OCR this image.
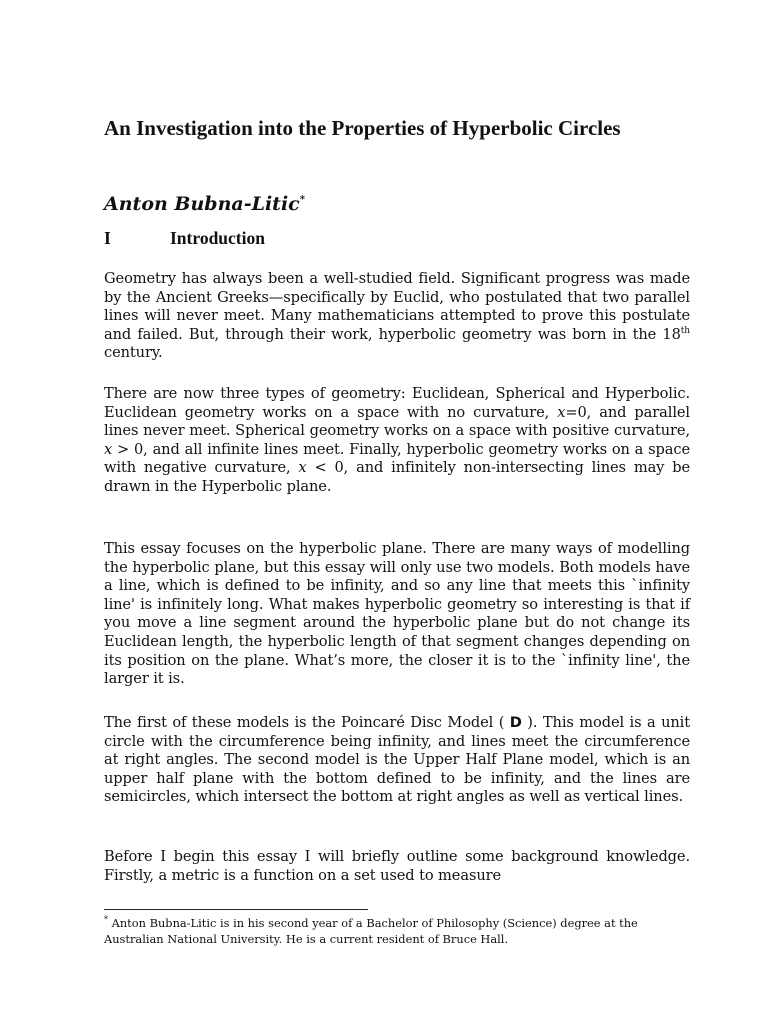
An Investigation into the Properties of Hyperbolic Circles

Anton Bubna-Litic*

I	Introduction

Geometry has always been a well-studied field. Significant progress was made by the Ancient Greeks—specifically by Euclid, who postulated that two parallel lines will never meet. Many mathematicians attempted to prove this postulate and failed. But, through their work, hyperbolic geometry was born in the 18th century.

There are now three types of geometry: Euclidean, Spherical and Hyperbolic. Euclidean geometry works on a space with no curvature, x=0, and parallel lines never meet. Spherical geometry works on a space with positive curvature, x > 0, and all infinite lines meet. Finally, hyperbolic geometry works on a space with negative curvature, x < 0, and infinitely non-intersecting lines may be drawn in the Hyperbolic plane.

This essay focuses on the hyperbolic plane. There are many ways of modelling the hyperbolic plane, but this essay will only use two models. Both models have a line, which is defined to be infinity, and so any line that meets this `infinity line' is infinitely long. What makes hyperbolic geometry so interesting is that if you move a line segment around the hyperbolic plane but do not change its Euclidean length, the hyperbolic length of that segment changes depending on its position on the plane. What’s more, the closer it is to the `infinity line', the larger it is.

The first of these models is the Poincaré Disc Model ( D ). This model is a unit circle with the circumference being infinity, and lines meet the circumference at right angles. The second model is the Upper Half Plane model, which is an upper half plane with the bottom defined to be infinity, and the lines are semicircles, which intersect the bottom at right angles as well as vertical lines.

Before I begin this essay I will briefly outline some background knowledge. Firstly, a metric is a function on a set used to measure

* Anton Bubna-Litic is in his second year of a Bachelor of Philosophy (Science) degree at the Australian National University. He is a current resident of Bruce Hall.
